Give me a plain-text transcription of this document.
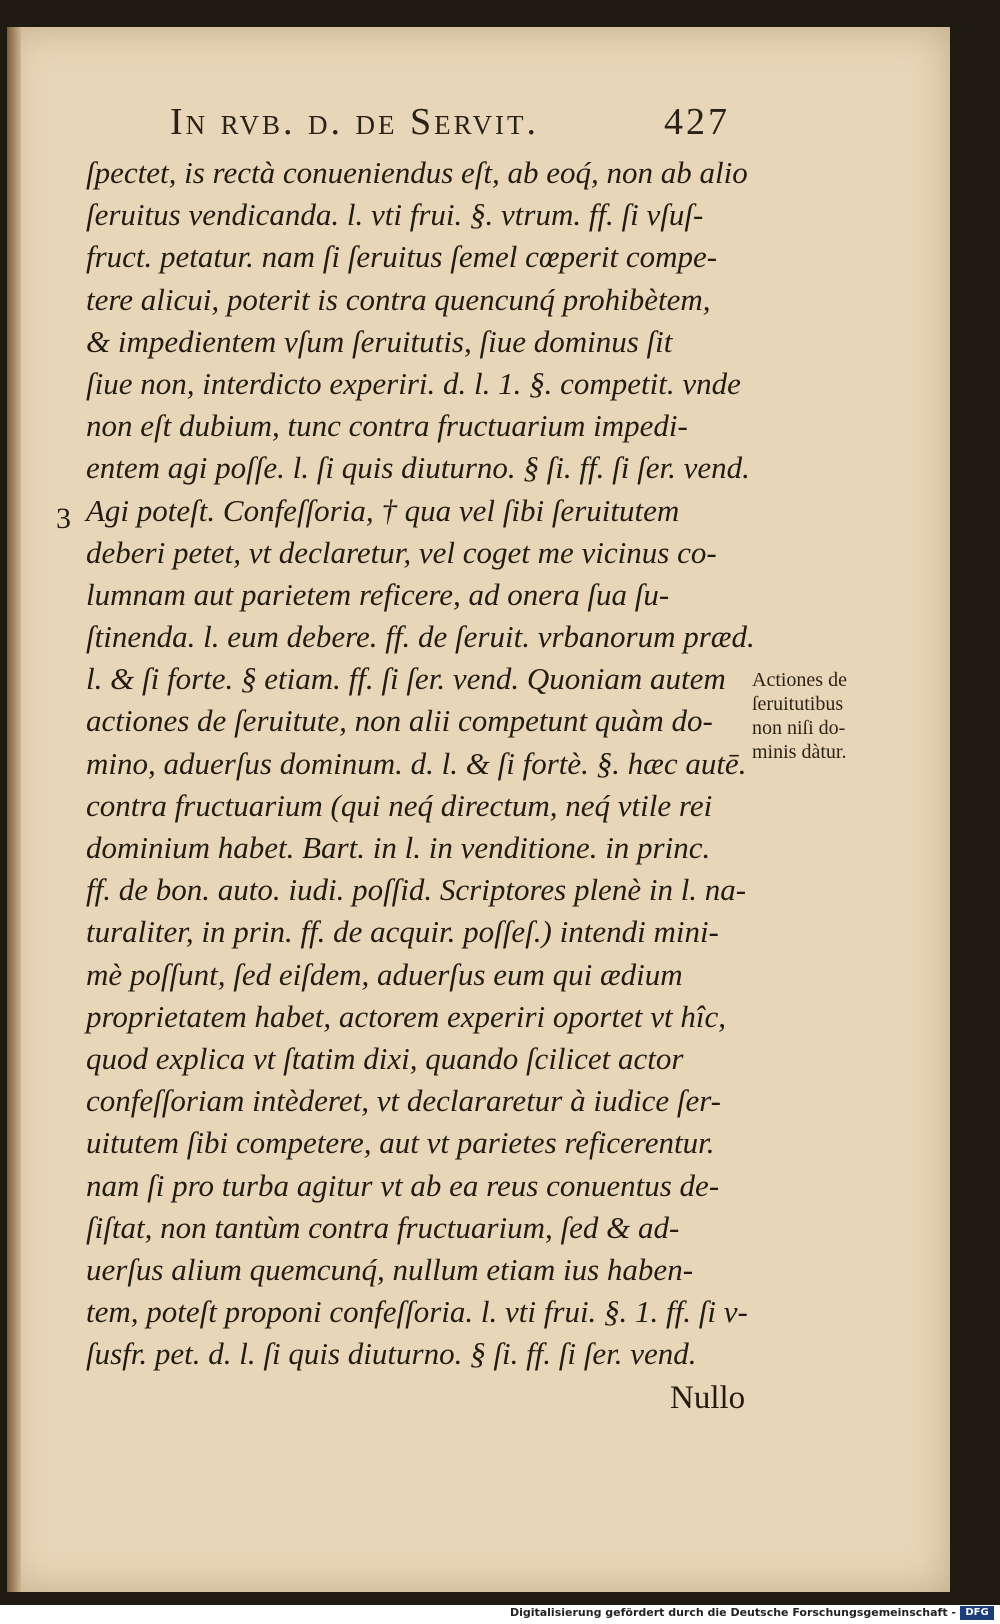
In rvb. d. de Servit.	427
3
ſpectet, is rectà conueniendus eſt, ab eoq́, non ab alio
ſeruitus vendicanda. l. vti frui. §. vtrum. ff. ſi vſuſ-
fruct. petatur. nam ſi ſeruitus ſemel cœperit compe-
tere alicui, poterit is contra quencunq́ prohibètem,
& impedientem vſum ſeruitutis, ſiue dominus ſit
ſiue non, interdicto experiri. d. l. 1. §. competit. vnde
non eſt dubium, tunc contra fructuarium impedi-
entem agi poſſe. l. ſi quis diuturno. § ſi. ff. ſi ſer. vend.
Agi poteſt. Confeſſoria, † qua vel ſibi ſeruitutem
deberi petet, vt declaretur, vel coget me vicinus co-
lumnam aut parietem reficere, ad onera ſua ſu-
ſtinenda. l. eum debere. ff. de ſeruit. vrbanorum præd.
l. & ſi forte. § etiam. ff. ſi ſer. vend. Quoniam autem
actiones de ſeruitute, non alii competunt quàm do-
mino, aduerſus dominum. d. l. & ſi fortè. §. hæc autē.
contra fructuarium (qui neq́ directum, neq́ vtile rei
dominium habet. Bart. in l. in venditione. in princ.
ff. de bon. auto. iudi. poſſid. Scriptores plenè in l. na-
turaliter, in prin. ff. de acquir. poſſeſ.) intendi mini-
mè poſſunt, ſed eiſdem, aduerſus eum qui ædium
proprietatem habet, actorem experiri oportet vt hîc,
quod explica vt ſtatim dixi, quando ſcilicet actor
confeſſoriam intèderet, vt declararetur à iudice ſer-
uitutem ſibi competere, aut vt parietes reficerentur.
nam ſi pro turba agitur vt ab ea reus conuentus de-
ſiſtat, non tantùm contra fructuarium, ſed & ad-
uerſus alium quemcunq́, nullum etiam ius haben-
tem, poteſt proponi confeſſoria. l. vti frui. §. 1. ff. ſi v-
ſusfr. pet. d. l. ſi quis diuturno. § ſi. ff. ſi ſer. vend.
Actiones de
ſeruitutibus
non niſi do-
minis dàtur.
Nullo
Digitalisierung gefördert durch die Deutsche Forschungsgemeinschaft - DFG
